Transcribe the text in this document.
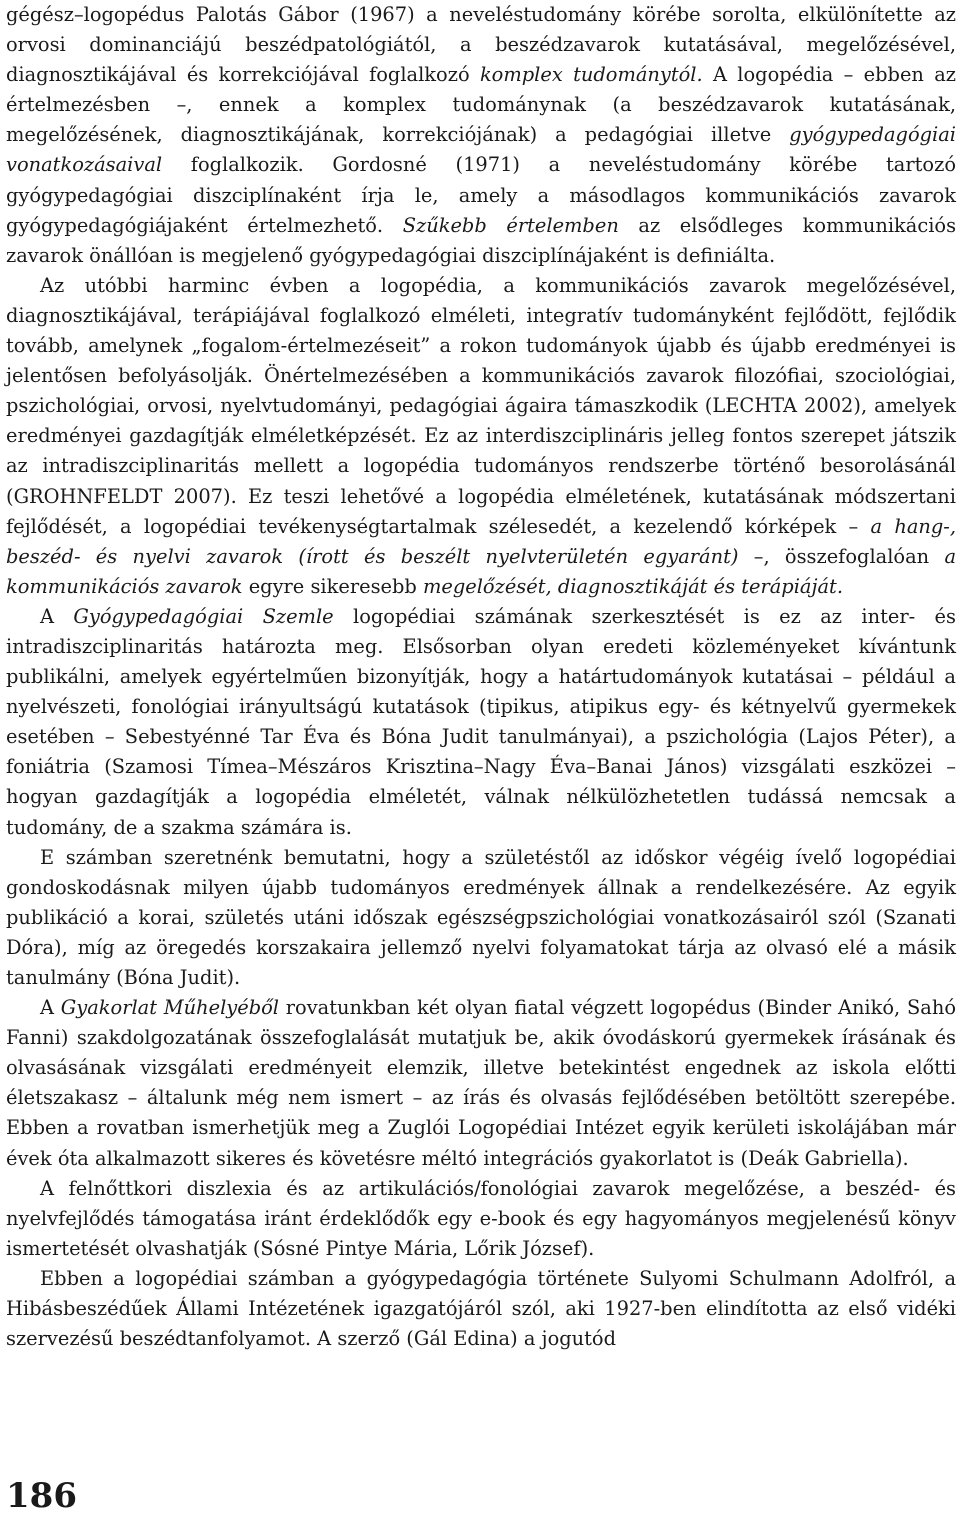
gégész–logopédus Palotás Gábor (1967) a neveléstudomány körébe sorolta, elkülönítette az orvosi dominanciájú beszédpatológiától, a beszédzavarok kutatásával, megelőzésével, diagnosztikájával és korrekciójával foglalkozó komplex tudománytól. A logopédia – ebben az értelmezésben –, ennek a komplex tudománynak (a beszédzavarok kutatásának, megelőzésének, diagnosztikájának, korrekciójának) a pedagógiai illetve gyógypedagógiai vonatkozásaival foglalkozik. Gordosné (1971) a neveléstudomány körébe tartozó gyógypedagógiai diszciplínaként írja le, amely a másodlagos kommunikációs zavarok gyógypedagógiájaként értelmezhető. Szűkebb értelemben az elsődleges kommunikációs zavarok önállóan is megjelenő gyógypedagógiai diszciplínájaként is definiálta.

Az utóbbi harminc évben a logopédia, a kommunikációs zavarok megelőzésével, diagnosztikájával, terápiájával foglalkozó elméleti, integratív tudományként fejlődött, fejlődik tovább, amelynek „fogalom-értelmezéseit” a rokon tudományok újabb és újabb eredményei is jelentősen befolyásolják. Önértelmezésében a kommunikációs zavarok filozófiai, szociológiai, pszichológiai, orvosi, nyelvtudományi, pedagógiai ágaira támaszkodik (LECHTA 2002), amelyek eredményei gazdagítják elméletképzését. Ez az interdiszciplináris jelleg fontos szerepet játszik az intradiszciplinaritás mellett a logopédia tudományos rendszerbe történő besorolásánál (GROHNFELDT 2007). Ez teszi lehetővé a logopédia elméletének, kutatásának módszertani fejlődését, a logopédiai tevékenységtartalmak szélesedét, a kezelendő kórképek – a hang-, beszéd- és nyelvi zavarok (írott és beszélt nyelvterületén egyaránt) –, összefoglalóan a kommunikációs zavarok egyre sikeresebb megelőzését, diagnosztikáját és terápiáját.

A Gyógypedagógiai Szemle logopédiai számának szerkesztését is ez az inter- és intradiszciplinaritás határozta meg. Elsősorban olyan eredeti közleményeket kívántunk publikálni, amelyek egyértelműen bizonyítják, hogy a határtudományok kutatásai – például a nyelvészeti, fonológiai irányultságú kutatások (tipikus, atipikus egy- és kétnyelvű gyermekek esetében – Sebestyénné Tar Éva és Bóna Judit tanulmányai), a pszichológia (Lajos Péter), a foniátria (Szamosi Tímea–Mészáros Krisztina–Nagy Éva–Banai János) vizsgálati eszközei – hogyan gazdagítják a logopédia elméletét, válnak nélkülözhetetlen tudássá nemcsak a tudomány, de a szakma számára is.

E számban szeretnénk bemutatni, hogy a születéstől az időskor végéig ívelő logopédiai gondoskodásnak milyen újabb tudományos eredmények állnak a rendelkezésére. Az egyik publikáció a korai, születés utáni időszak egészségpszichológiai vonatkozásairól szól (Szanati Dóra), míg az öregedés korszakaira jellemző nyelvi folyamatokat tárja az olvasó elé a másik tanulmány (Bóna Judit).

A Gyakorlat Műhelyéből rovatunkban két olyan fiatal végzett logopédus (Binder Anikó, Sahó Fanni) szakdolgozatának összefoglalását mutatjuk be, akik óvodáskorú gyermekek írásának és olvasásának vizsgálati eredményeit elemzik, illetve betekintést engednek az iskola előtti életszakasz – általunk még nem ismert – az írás és olvasás fejlődésében betöltött szerepébe. Ebben a rovatban ismerhetjük meg a Zuglói Logopédiai Intézet egyik kerületi iskolájában már évek óta alkalmazott sikeres és követésre méltó integrációs gyakorlatot is (Deák Gabriella).

A felnőttkori diszlexia és az artikulációs/fonológiai zavarok megelőzése, a beszéd- és nyelvfejlődés támogatása iránt érdeklődők egy e-book és egy hagyományos megjelenésű könyv ismertetését olvashatják (Sósné Pintye Mária, Lőrik József).

Ebben a logopédiai számban a gyógypedagógia története Sulyomi Schulmann Adolfról, a Hibásbeszédűek Állami Intézetének igazgatójáról szól, aki 1927-ben elindította az első vidéki szervezésű beszédtanfolyamot. A szerző (Gál Edina) a jogutód

186
